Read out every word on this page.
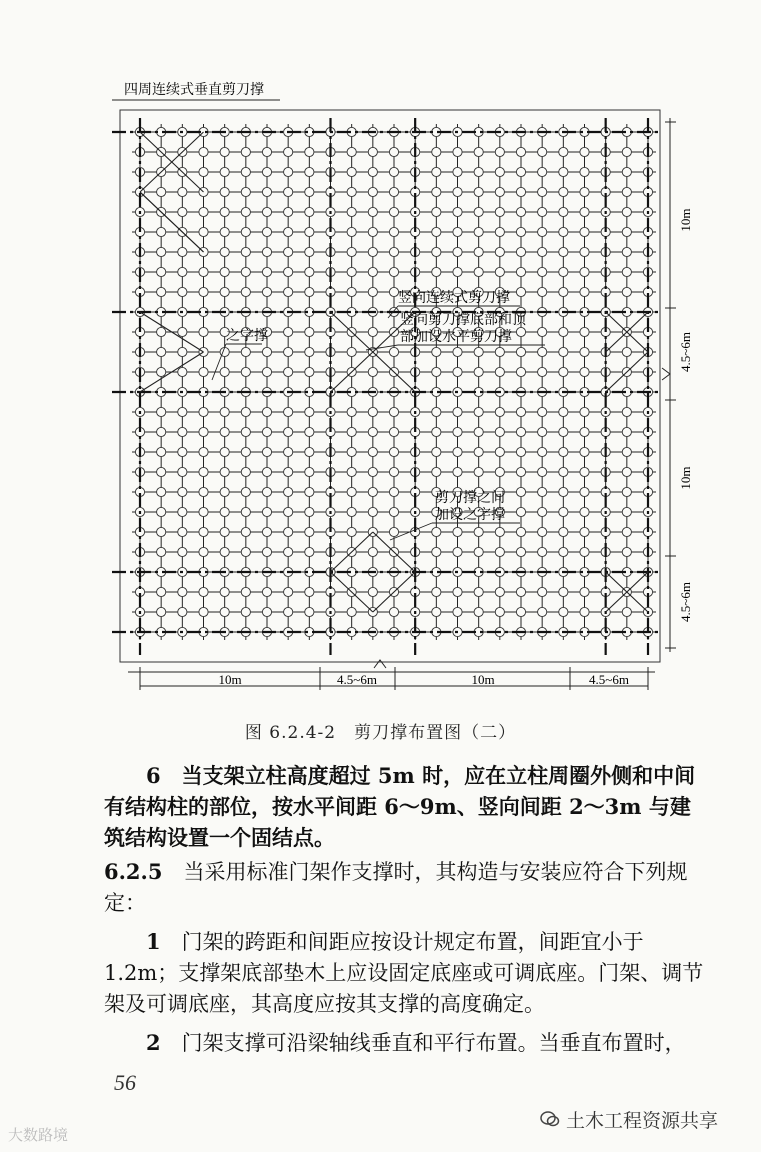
四周连续式垂直剪刀撑
竖向连续式剪刀撑
竖向剪刀撑底部和顶
部加设水平剪刀撑
之字撑
剪刀撑之间
加设之字撑
10m
4.5~6m
10m
4.5~6m
10m	4.5~6m	10m	4.5~6m
图 6.2.4-2　剪刀撑布置图（二）
6　当支架立柱高度超过 5m 时，应在立柱周圈外侧和中间有结构柱的部位，按水平间距 6～9m、竖向间距 2～3m 与建筑结构设置一个固结点。
6.2.5　当采用标准门架作支撑时，其构造与安装应符合下列规定：
1　门架的跨距和间距应按设计规定布置，间距宜小于 1.2m；支撑架底部垫木上应设固定底座或可调底座。门架、调节架及可调底座，其高度应按其支撑的高度确定。
2　门架支撑可沿梁轴线垂直和平行布置。当垂直布置时，
56
土木工程资源共享
大数路境
